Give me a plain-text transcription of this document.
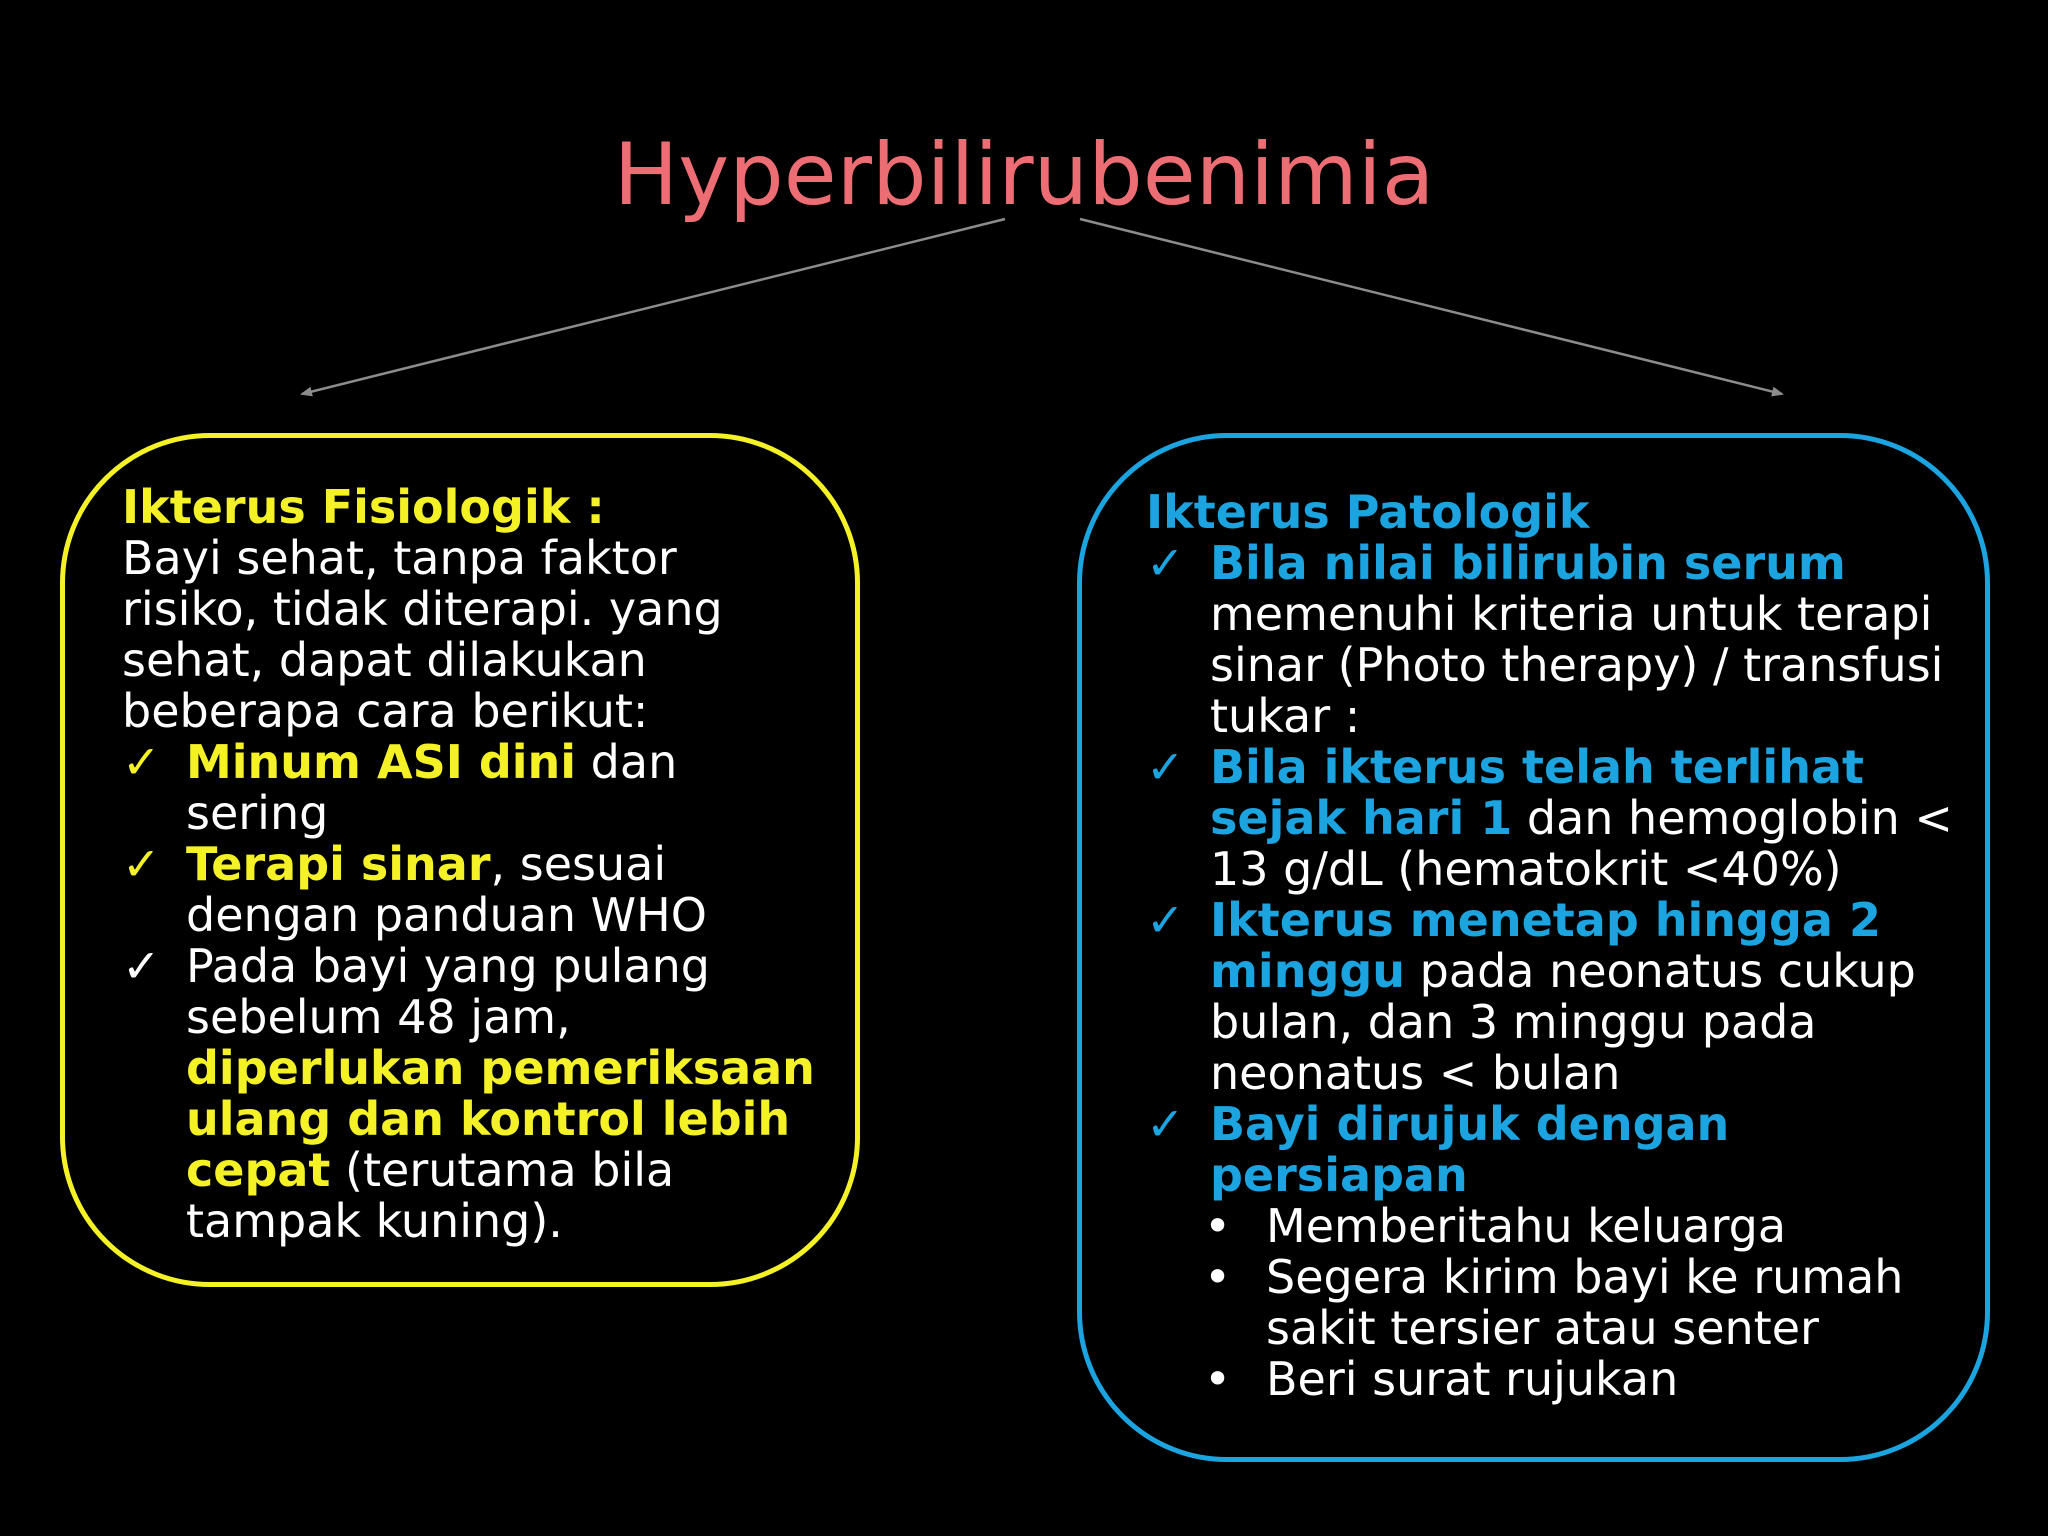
Hyperbilirubenimia
Ikterus Fisiologik :
Bayi sehat, tanpa faktor risiko, tidak diterapi. yang sehat, dapat dilakukan beberapa cara berikut:
✓ Minum ASI dini dan sering
✓ Terapi sinar, sesuai dengan panduan WHO
✓ Pada bayi yang pulang sebelum 48 jam, diperlukan pemeriksaan ulang dan kontrol lebih cepat (terutama bila tampak kuning).
Ikterus Patologik
✓ Bila nilai bilirubin serum memenuhi kriteria untuk terapi sinar (Photo therapy) / transfusi tukar :
✓ Bila ikterus telah terlihat sejak hari 1 dan hemoglobin < 13 g/dL (hematokrit <40%)
✓ Ikterus menetap hingga 2 minggu pada neonatus cukup bulan, dan 3 minggu pada neonatus < bulan
✓ Bayi dirujuk dengan persiapan
• Memberitahu keluarga
• Segera kirim bayi ke rumah sakit tersier atau senter
• Beri surat rujukan
